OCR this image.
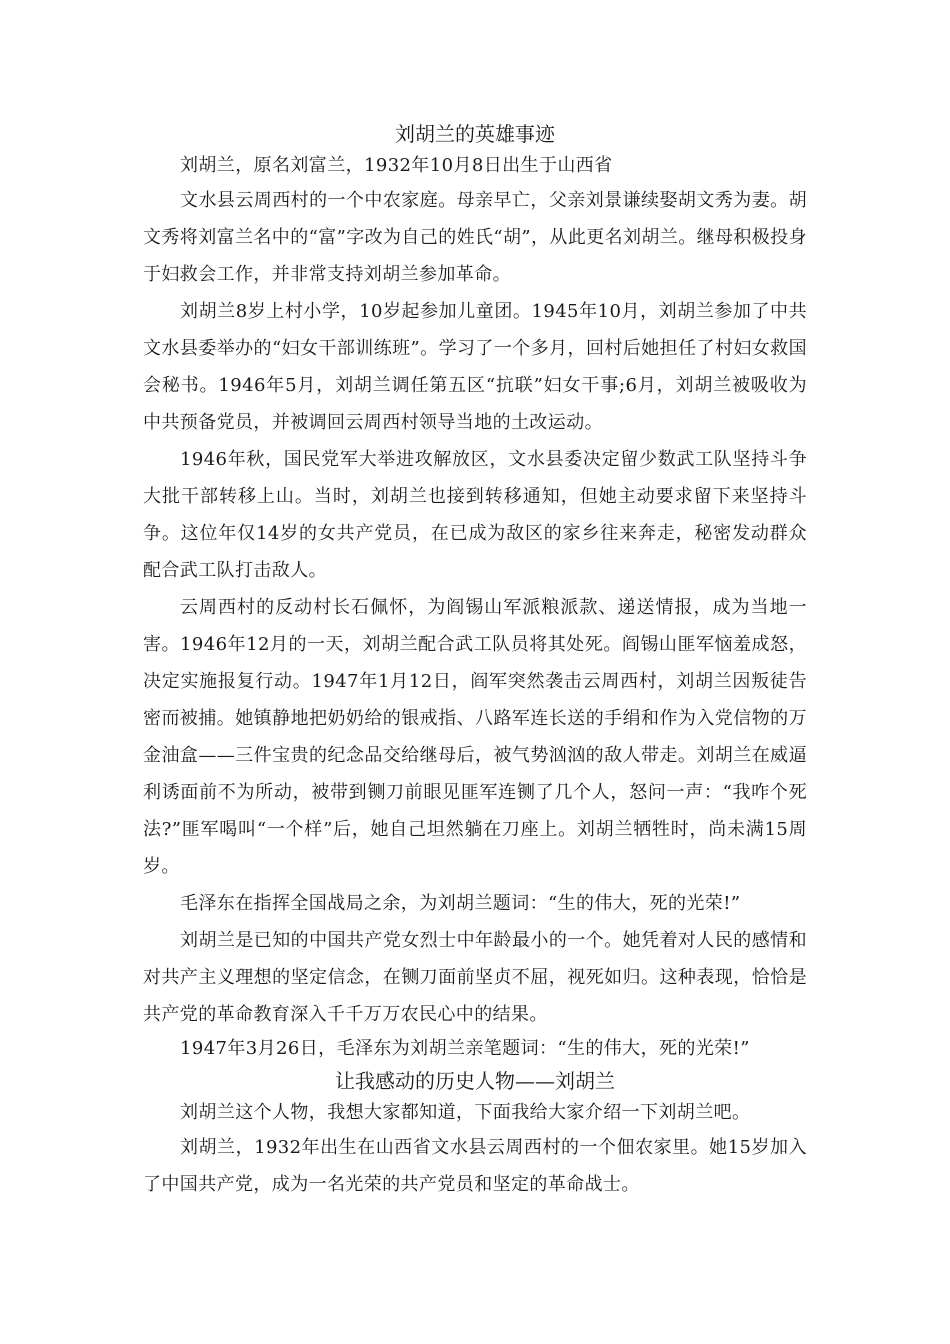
刘胡兰的英雄事迹

刘胡兰，原名刘富兰，1932年10月8日出生于山西省

文水县云周西村的一个中农家庭。母亲早亡，父亲刘景谦续娶胡文秀为妻。胡文秀将刘富兰名中的“富”字改为自己的姓氏“胡”，从此更名刘胡兰。继母积极投身于妇救会工作，并非常支持刘胡兰参加革命。

刘胡兰8岁上村小学，10岁起参加儿童团。1945年10月，刘胡兰参加了中共文水县委举办的“妇女干部训练班”。学习了一个多月，回村后她担任了村妇女救国会秘书。1946年5月，刘胡兰调任第五区“抗联”妇女干事;6月，刘胡兰被吸收为中共预备党员，并被调回云周西村领导当地的土改运动。

1946年秋，国民党军大举进攻解放区，文水县委决定留少数武工队坚持斗争大批干部转移上山。当时，刘胡兰也接到转移通知，但她主动要求留下来坚持斗争。这位年仅14岁的女共产党员，在已成为敌区的家乡往来奔走，秘密发动群众配合武工队打击敌人。

云周西村的反动村长石佩怀，为阎锡山军派粮派款、递送情报，成为当地一害。1946年12月的一天，刘胡兰配合武工队员将其处死。阎锡山匪军恼羞成怒，决定实施报复行动。1947年1月12日，阎军突然袭击云周西村，刘胡兰因叛徒告密而被捕。她镇静地把奶奶给的银戒指、八路军连长送的手绢和作为入党信物的万金油盒——三件宝贵的纪念品交给继母后，被气势汹汹的敌人带走。刘胡兰在威逼利诱面前不为所动，被带到铡刀前眼见匪军连铡了几个人，怒问一声：“我咋个死法?”匪军喝叫“一个样”后，她自己坦然躺在刀座上。刘胡兰牺牲时，尚未满15周岁。

毛泽东在指挥全国战局之余，为刘胡兰题词：“生的伟大，死的光荣!”

刘胡兰是已知的中国共产党女烈士中年龄最小的一个。她凭着对人民的感情和对共产主义理想的坚定信念，在铡刀面前坚贞不屈，视死如归。这种表现，恰恰是共产党的革命教育深入千千万万农民心中的结果。

1947年3月26日，毛泽东为刘胡兰亲笔题词：“生的伟大，死的光荣!”

让我感动的历史人物——刘胡兰

刘胡兰这个人物，我想大家都知道，下面我给大家介绍一下刘胡兰吧。

刘胡兰，1932年出生在山西省文水县云周西村的一个佃农家里。她15岁加入了中国共产党，成为一名光荣的共产党员和坚定的革命战士。
